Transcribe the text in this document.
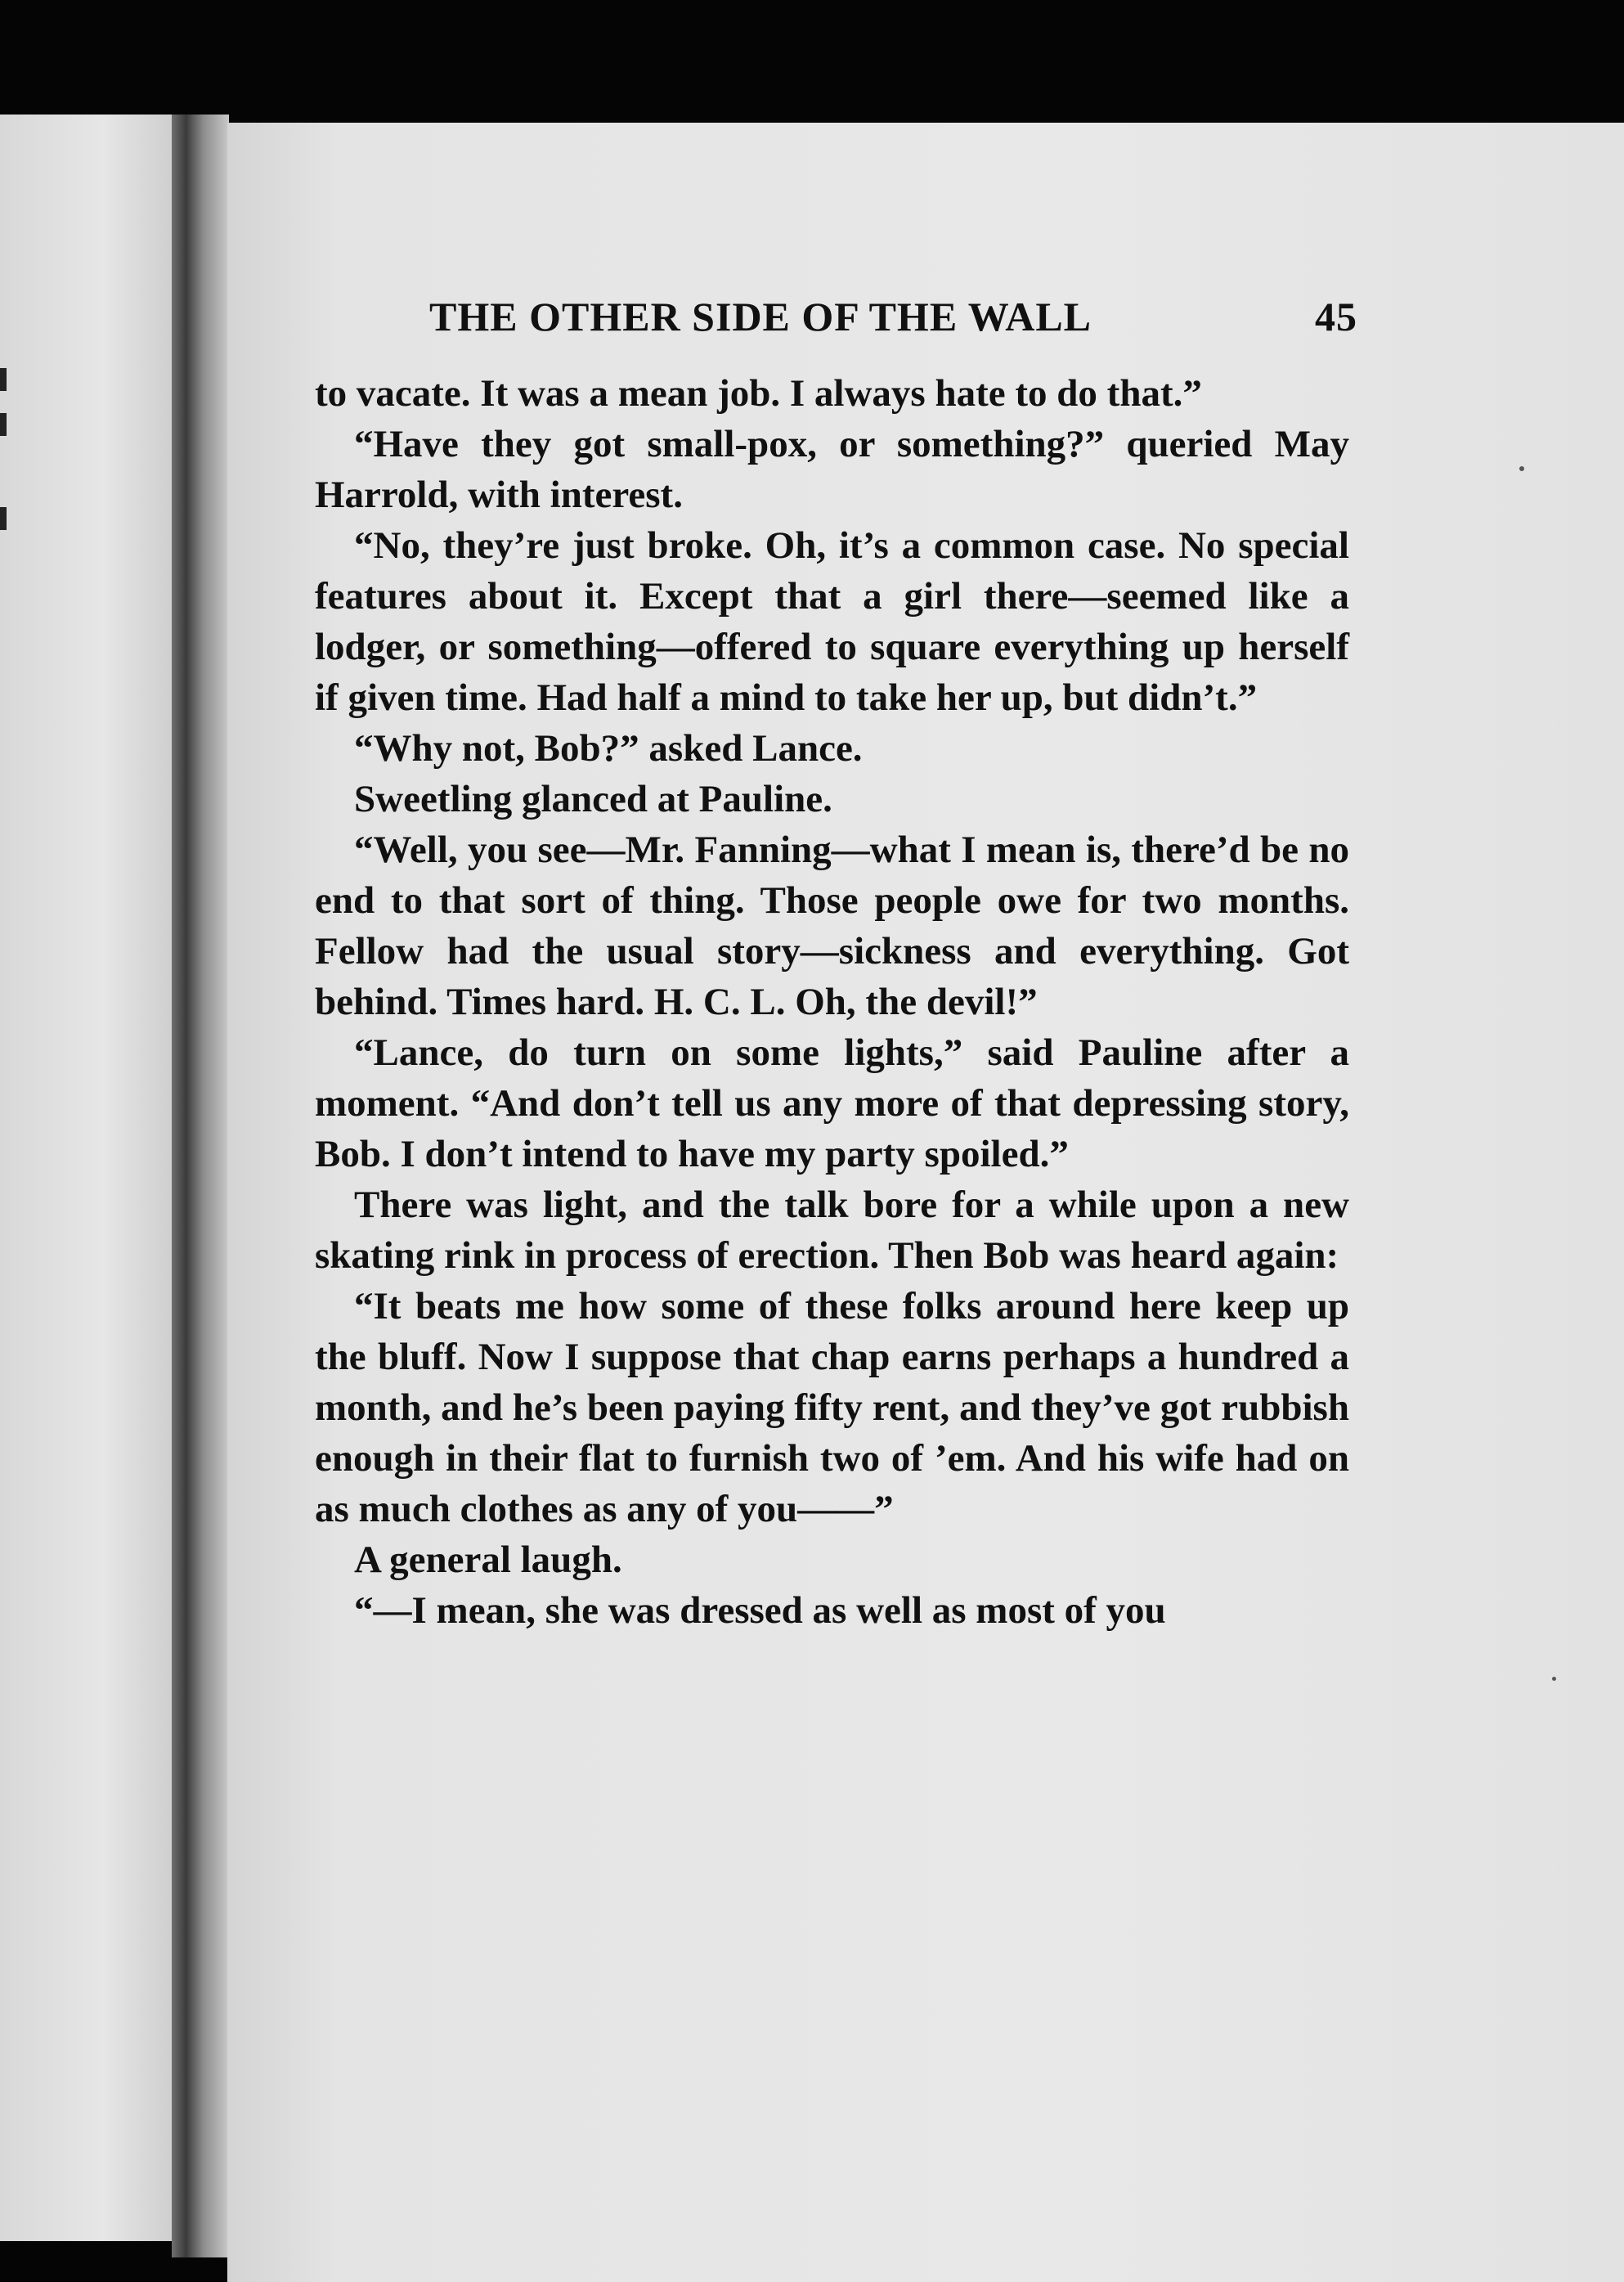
THE OTHER SIDE OF THE WALL	45

to vacate. It was a mean job. I always hate to do that.”

“Have they got small-pox, or something?” queried May Harrold, with interest.

“No, they’re just broke. Oh, it’s a common case. No special features about it. Except that a girl there—seemed like a lodger, or something—offered to square everything up herself if given time. Had half a mind to take her up, but didn’t.”

“Why not, Bob?” asked Lance.

Sweetling glanced at Pauline.

“Well, you see—Mr. Fanning—what I mean is, there’d be no end to that sort of thing. Those people owe for two months. Fellow had the usual story—sickness and everything. Got behind. Times hard. H. C. L. Oh, the devil!”

“Lance, do turn on some lights,” said Pauline after a moment. “And don’t tell us any more of that depressing story, Bob. I don’t intend to have my party spoiled.”

There was light, and the talk bore for a while upon a new skating rink in process of erection. Then Bob was heard again:

“It beats me how some of these folks around here keep up the bluff. Now I suppose that chap earns perhaps a hundred a month, and he’s been paying fifty rent, and they’ve got rubbish enough in their flat to furnish two of ’em. And his wife had on as much clothes as any of you——”

A general laugh.

“—I mean, she was dressed as well as most of you
